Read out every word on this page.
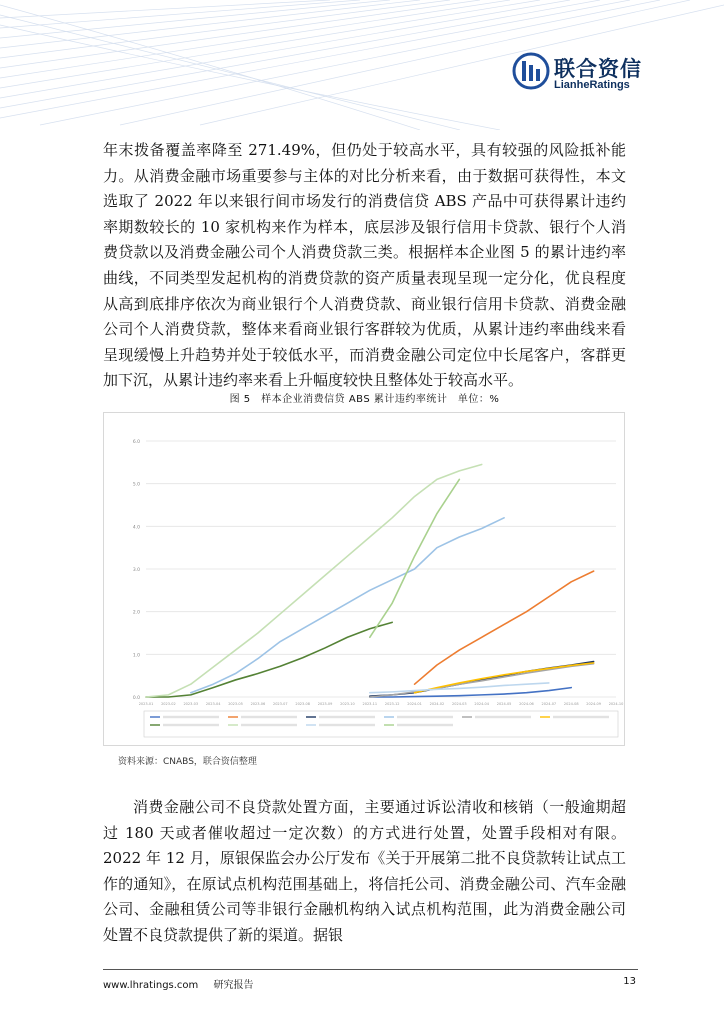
联合资信
LianheRatings

年末拨备覆盖率降至 271.49%，但仍处于较高水平，具有较强的风险抵补能力。从消费金融市场重要参与主体的对比分析来看，由于数据可获得性，本文选取了 2022 年以来银行间市场发行的消费信贷 ABS 产品中可获得累计违约率期数较长的 10 家机构来作为样本，底层涉及银行信用卡贷款、银行个人消费贷款以及消费金融公司个人消费贷款三类。根据样本企业图 5 的累计违约率曲线，不同类型发起机构的消费贷款的资产质量表现呈现一定分化，优良程度从高到底排序依次为商业银行个人消费贷款、商业银行信用卡贷款、消费金融公司个人消费贷款，整体来看商业银行客群较为优质，从累计违约率曲线来看呈现缓慢上升趋势并处于较低水平，而消费金融公司定位中长尾客户，客群更加下沉，从累计违约率来看上升幅度较快且整体处于较高水平。

图 5　样本企业消费信贷 ABS 累计违约率统计　单位：%
0.0
1.0
2.0
3.0
4.0
5.0
6.0
2023-01 2023-02 2023-03 2023-04 2023-05 2023-06 2023-07 2023-08 2023-09 2023-10 2023-11 2023-12 2024-01 2024-02 2024-03 2024-04 2024-05 2024-06 2024-07 2024-08 2024-09 2024-10
资料来源：CNABS，联合资信整理

消费金融公司不良贷款处置方面，主要通过诉讼清收和核销（一般逾期超过 180 天或者催收超过一定次数）的方式进行处置，处置手段相对有限。2022 年 12 月，原银保监会办公厅发布《关于开展第二批不良贷款转让试点工作的通知》，在原试点机构范围基础上，将信托公司、消费金融公司、汽车金融公司、金融租赁公司等非银行金融机构纳入试点机构范围，此为消费金融公司处置不良贷款提供了新的渠道。据银

www.lhratings.com 研究报告	13
